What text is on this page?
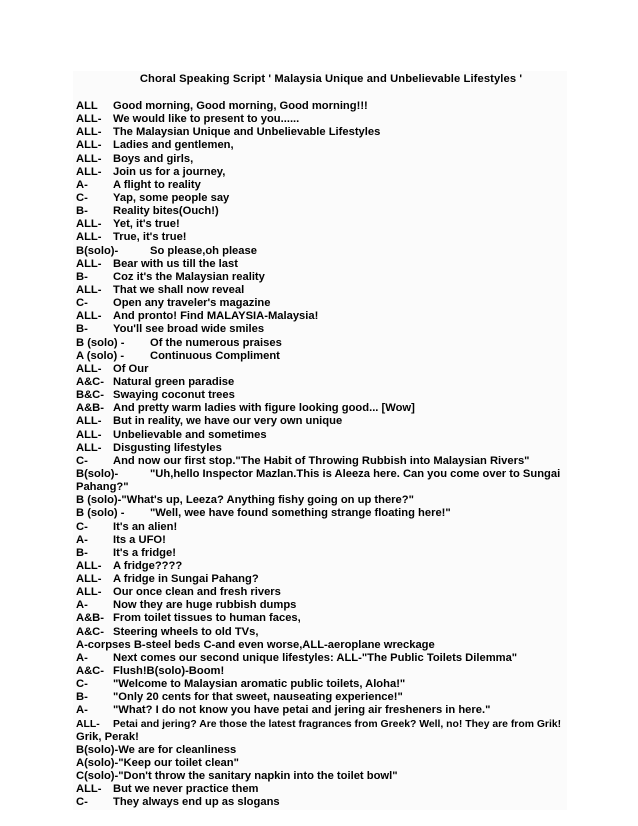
Choral Speaking Script ' Malaysia Unique and Unbelievable Lifestyles '
ALL Good morning, Good morning, Good morning!!!
ALL- We would like to present to you......
ALL- The Malaysian Unique and Unbelievable Lifestyles
ALL- Ladies and gentlemen,
ALL- Boys and girls,
ALL- Join us for a journey,
A- A flight to reality
C- Yap, some people say
B- Reality bites(Ouch!)
ALL- Yet, it's true!
ALL- True, it's true!
B(solo)-	So please,oh please
ALL- Bear with us till the last
B- Coz it's the Malaysian reality
ALL- That we shall now reveal
C- Open any traveler's magazine
ALL- And pronto! Find MALAYSIA-Malaysia!
B- You'll see broad wide smiles
B (solo) - Of the numerous praises
A (solo) - Continuous Compliment
ALL- Of Our
A&C- Natural green paradise
B&C- Swaying coconut trees
A&B- And pretty warm ladies with figure looking good... [Wow]
ALL- But in reality, we have our very own unique
ALL- Unbelievable and sometimes
ALL- Disgusting lifestyles
C- And now our first stop."The Habit of Throwing Rubbish into Malaysian Rivers"
B(solo)-	"Uh,hello Inspector Mazlan.This is Aleeza here. Can you come over to Sungai
Pahang?"
B (solo)-"What's up, Leeza? Anything fishy going on up there?"
B (solo) - "Well, wee have found something strange floating here!"
C- It's an alien!
A- Its a UFO!
B- It's a fridge!
ALL- A fridge????
ALL- A fridge in Sungai Pahang?
ALL- Our once clean and fresh rivers
A- Now they are huge rubbish dumps
A&B- From toilet tissues to human faces,
A&C- Steering wheels to old TVs,
A-corpses B-steel beds C-and even worse,ALL-aeroplane wreckage
A- Next comes our second unique lifestyles: ALL-"The Public Toilets Dilemma"
A&C- Flush!B(solo)-Boom!
C- "Welcome to Malaysian aromatic public toilets, Aloha!"
B- "Only 20 cents for that sweet, nauseating experience!"
A- "What? I do not know you have petai and jering air fresheners in here."
ALL- Petai and jering? Are those the latest fragrances from Greek? Well, no! They are from Grik!
Grik, Perak!
B(solo)-We are for cleanliness
A(solo)-"Keep our toilet clean"
C(solo)-"Don't throw the sanitary napkin into the toilet bowl"
ALL- But we never practice them
C- They always end up as slogans
